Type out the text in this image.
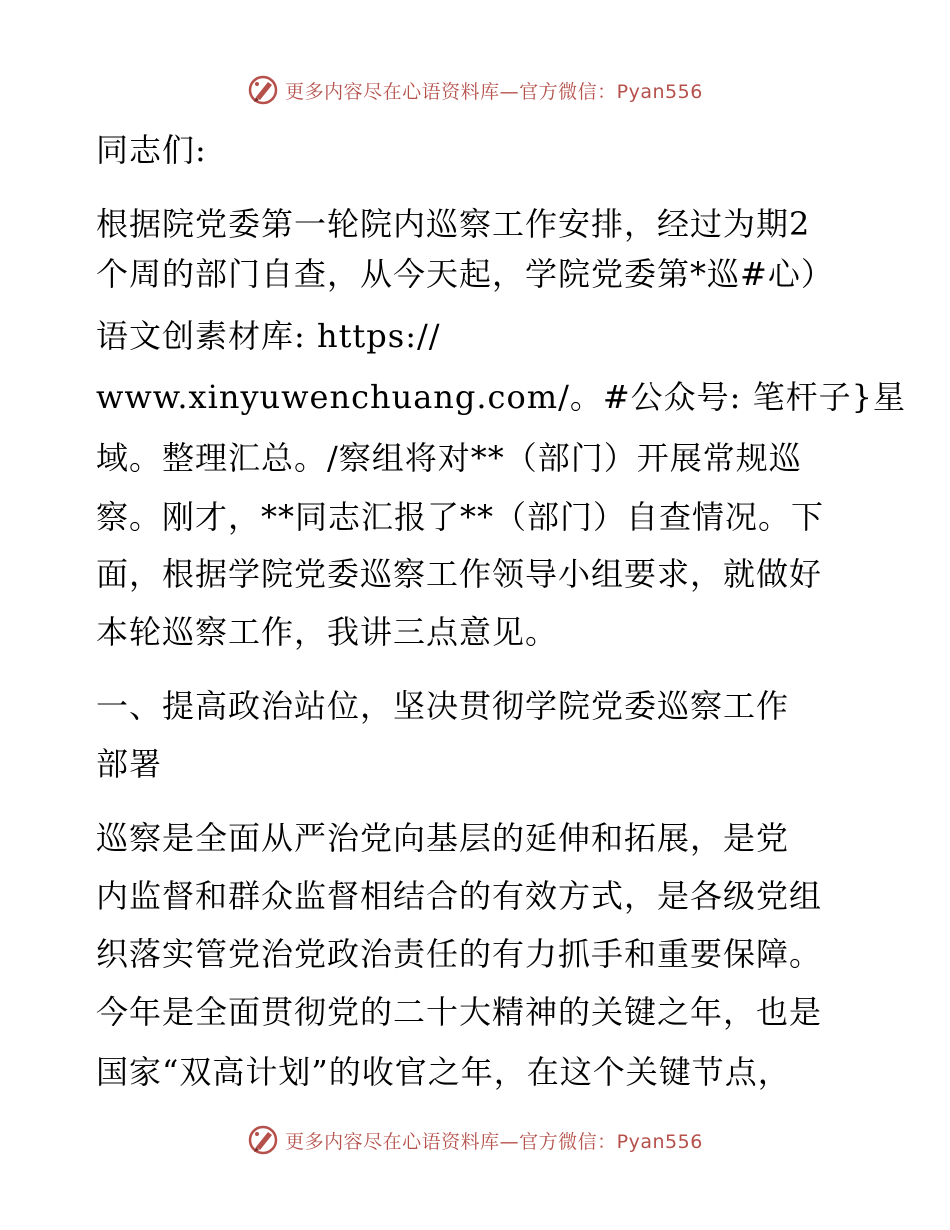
更多内容尽在心语资料库—官方微信：Pyan556
同志们:
根据院党委第一轮院内巡察工作安排，经过为期2
个周的部门自查，从今天起，学院党委第*巡#心）
语文创素材库: https://
www.xinyuwenchuang.com/。#公众号: 笔杆子}星
域。整理汇总。/察组将对**（部门）开展常规巡
察。刚才，**同志汇报了**（部门）自查情况。下
面，根据学院党委巡察工作领导小组要求，就做好
本轮巡察工作，我讲三点意见。
一、提高政治站位，坚决贯彻学院党委巡察工作
部署
巡察是全面从严治党向基层的延伸和拓展，是党
内监督和群众监督相结合的有效方式，是各级党组
织落实管党治党政治责任的有力抓手和重要保障。
今年是全面贯彻党的二十大精神的关键之年，也是
国家“双高计划”的收官之年，在这个关键节点，
更多内容尽在心语资料库—官方微信：Pyan556
